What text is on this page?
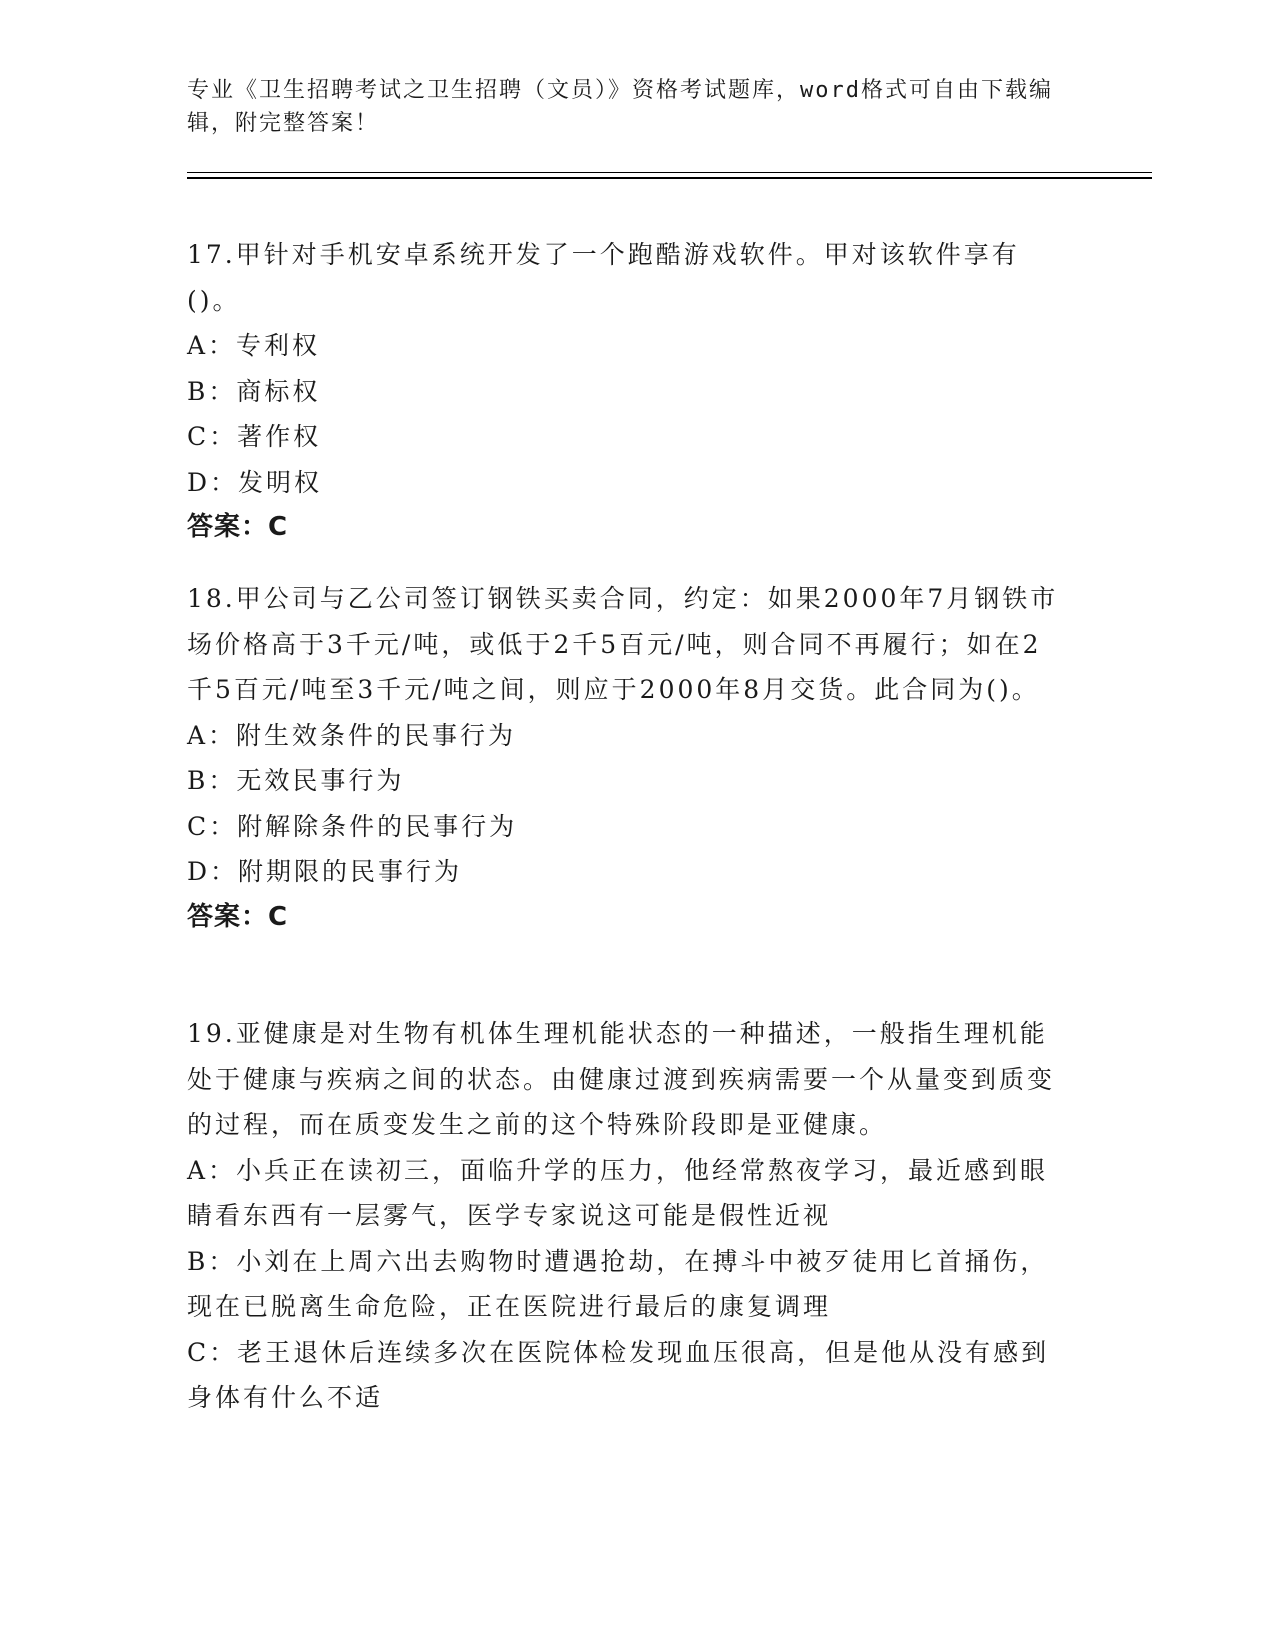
专业《卫生招聘考试之卫生招聘（文员）》资格考试题库，word格式可自由下载编辑，附完整答案！

17.甲针对手机安卓系统开发了一个跑酷游戏软件。甲对该软件享有()。

A：专利权

B：商标权

C：著作权

D：发明权

答案：C

18.甲公司与乙公司签订钢铁买卖合同，约定：如果2000年7月钢铁市场价格高于3千元/吨，或低于2千5百元/吨，则合同不再履行；如在2千5百元/吨至3千元/吨之间，则应于2000年8月交货。此合同为()。

A：附生效条件的民事行为

B：无效民事行为

C：附解除条件的民事行为

D：附期限的民事行为

答案：C

19.亚健康是对生物有机体生理机能状态的一种描述，一般指生理机能处于健康与疾病之间的状态。由健康过渡到疾病需要一个从量变到质变的过程，而在质变发生之前的这个特殊阶段即是亚健康。

A：小兵正在读初三，面临升学的压力，他经常熬夜学习，最近感到眼睛看东西有一层雾气，医学专家说这可能是假性近视

B：小刘在上周六出去购物时遭遇抢劫，在搏斗中被歹徒用匕首捅伤，现在已脱离生命危险，正在医院进行最后的康复调理

C：老王退休后连续多次在医院体检发现血压很高，但是他从没有感到身体有什么不适
